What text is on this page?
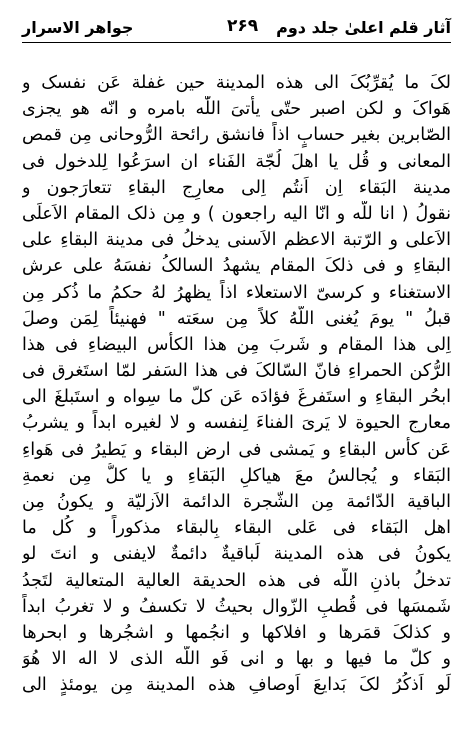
جواهر الاسرار	۲۶۹ آثار قلم اعلیٰ جلد دوم
لکَ ما یُقرِّبُکَ الی هذه المدینة حین غفلة عَن نفسک و
هَواکَ و لکن اصبر حتّی یأتیَ اللّٰه بامره و انّه هو یجزی
الصّابرین بغیر حسابٍ اذاً فانشق رائحة الرُّوحانی مِن قمص
المعانی و قُل یا اهلَ لُجّة الفَناء ان اسرَعُوا لِلدخول فی
مدینة البَقاء اِن اَنتُم اِلی معارِج البقاءِ تتعارَجون و
نقولُ ( انا للّه و انّا الیه راجعون ) و مِن ذلک المقام الاَعلَی
الاَعلی و الرّتبة الاعظم الاَسنی یدخلُ فی مدینة البقاءِ علی
البقاءِ و فی ذلکَ المقام یشهدُ السالکُ نفسَهُ علی عرش
الاستغناء و کرسیّ الاستعلاء اذاً یظهرُ لهُ حکمُ ما ذُکر مِن
قبلُ " یومَ یُغنی اللّهُ کلاً مِن سعَته " فهنیئاً لِمَن وصلَ
اِلی هذا المقام و شَربَ مِن هذا الکأس البیضاءِ فی هذا
الرُّکن الحمراءِ فانّ السّالکَ فی هذا السَفر لمّا استَغرق فی
ابحُر البقاءِ و استَفرغَ فؤادَه عَن کلّ ما سِواه و استَبلغَ الی
معارج الحیوة لا یَریَ الفناءَ لِنفسه و لا لغیره ابداً و یشربُ
عَن کأس البقاءِ و یَمشی فی ارض البقاء و یَطیرُ فی هَواءِ
البَقاء و یُجالسُ معَ هیاکلِ البَقاءِ و یا کلُّ مِن نعمةِ
الباقیة الدّائمة مِن الشّجرة الدائمة الاَزلیّة و یکونُ مِن
اهل البَقاء فی عَلی البقاء بِالبقاء مذکوراً و کُل ما
یکونُ فی هذه المدینة لَباقیةٌ دائمةٌ لایفنی و انتَ لو
تدخلُ باذنِ اللّه فی هذه الحدیقة العالیة المتعالیة لتَجدُ
شَمسَها فی قُطبِ الزّوال بحیثُ لا تکسفُ و لا تغربُ ابداً
و کذلکَ قمَرها و افلاکها و انجُمها و اشجُرها و ابحرها
و کلّ ما فیها و بها و انی فَو اللّه الذی لا اله الا هُوَ
لَو اَذکُرُ لکَ بَدایعَ اَوصافِ هذه المدینة مِن یومئذٍ الی
